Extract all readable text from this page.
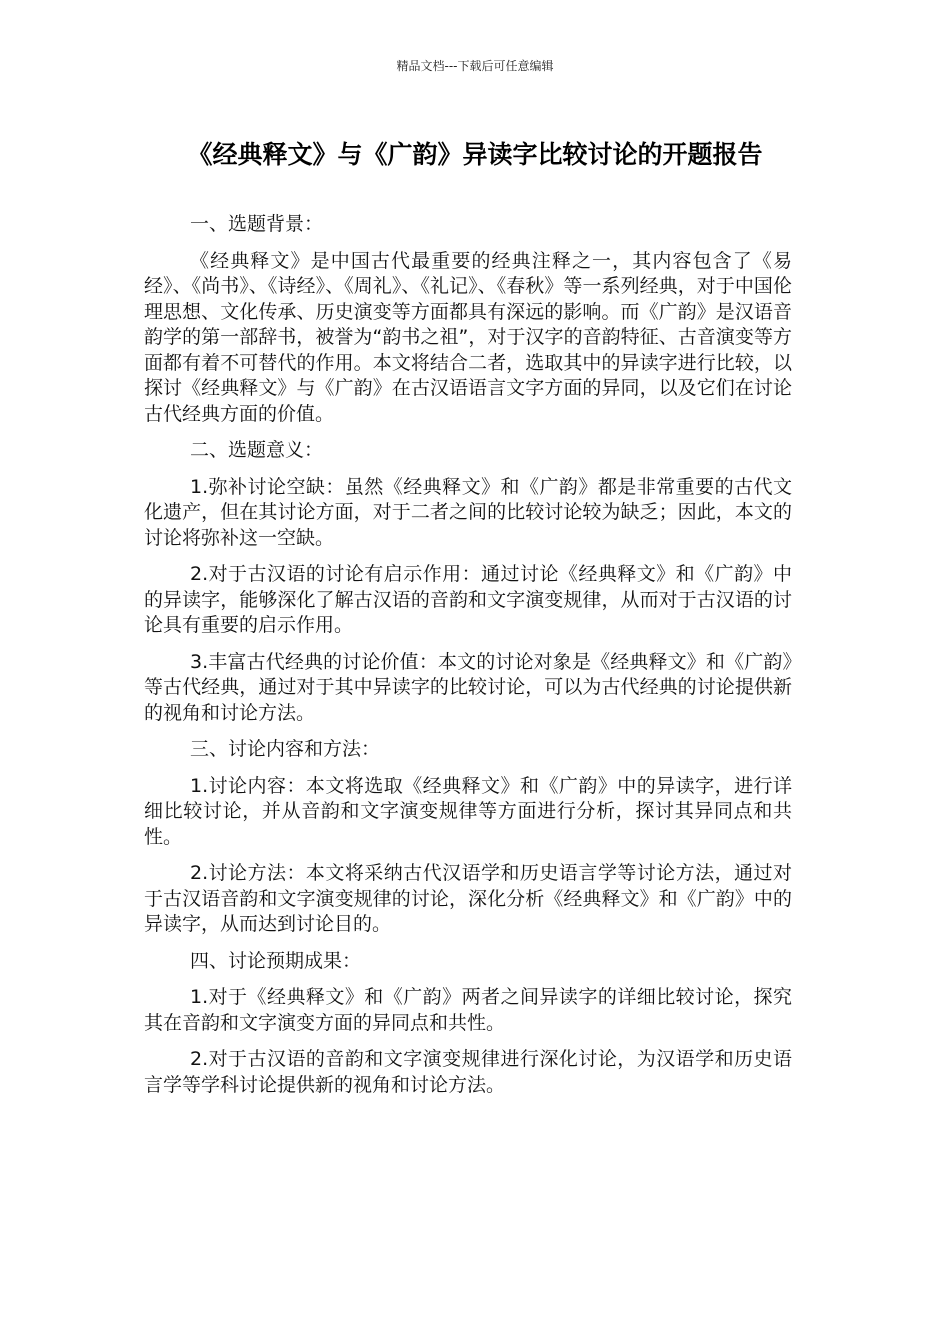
精品文档---下载后可任意编辑
《经典释文》与《广韵》异读字比较讨论的开题报告

一、选题背景：

《经典释文》是中国古代最重要的经典注释之一，其内容包含了《易经》、《尚书》、《诗经》、《周礼》、《礼记》、《春秋》等一系列经典，对于中国伦理思想、文化传承、历史演变等方面都具有深远的影响。而《广韵》是汉语音韵学的第一部辞书，被誉为“韵书之祖”，对于汉字的音韵特征、古音演变等方面都有着不可替代的作用。本文将结合二者，选取其中的异读字进行比较，以探讨《经典释文》与《广韵》在古汉语语言文字方面的异同，以及它们在讨论古代经典方面的价值。

二、选题意义：

1.弥补讨论空缺：虽然《经典释文》和《广韵》都是非常重要的古代文化遗产，但在其讨论方面，对于二者之间的比较讨论较为缺乏；因此，本文的讨论将弥补这一空缺。

2.对于古汉语的讨论有启示作用：通过讨论《经典释文》和《广韵》中的异读字，能够深化了解古汉语的音韵和文字演变规律，从而对于古汉语的讨论具有重要的启示作用。

3.丰富古代经典的讨论价值：本文的讨论对象是《经典释文》和《广韵》等古代经典，通过对于其中异读字的比较讨论，可以为古代经典的讨论提供新的视角和讨论方法。

三、讨论内容和方法：

1.讨论内容：本文将选取《经典释文》和《广韵》中的异读字，进行详细比较讨论，并从音韵和文字演变规律等方面进行分析，探讨其异同点和共性。

2.讨论方法：本文将采纳古代汉语学和历史语言学等讨论方法，通过对于古汉语音韵和文字演变规律的讨论，深化分析《经典释文》和《广韵》中的异读字，从而达到讨论目的。

四、讨论预期成果：

1.对于《经典释文》和《广韵》两者之间异读字的详细比较讨论，探究其在音韵和文字演变方面的异同点和共性。

2.对于古汉语的音韵和文字演变规律进行深化讨论，为汉语学和历史语言学等学科讨论提供新的视角和讨论方法。
